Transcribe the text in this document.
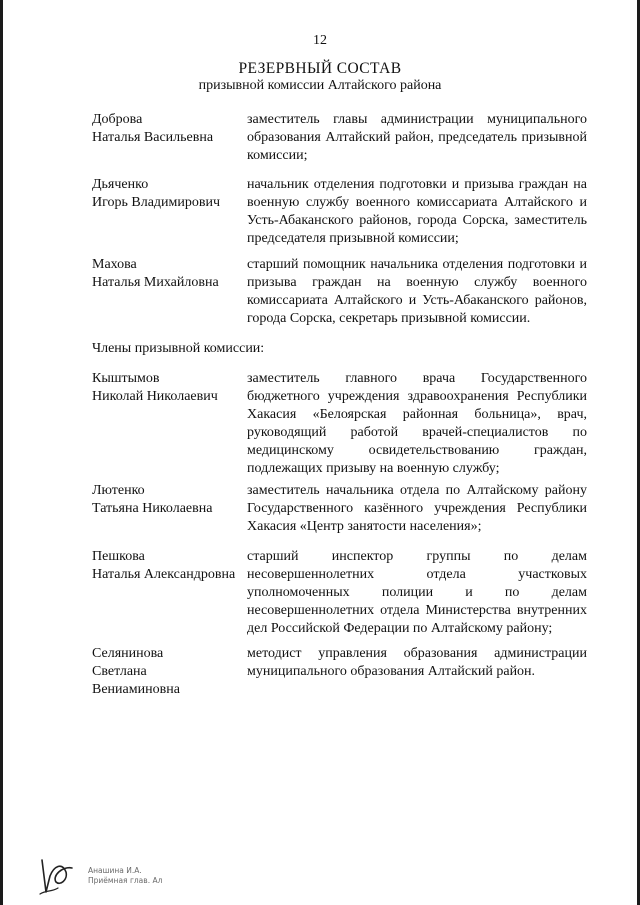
12
РЕЗЕРВНЫЙ СОСТАВ
призывной комиссии Алтайского района
Доброва
Наталья Васильевна
заместитель главы администрации муниципального образования Алтайский район, председатель призывной комиссии;
Дьяченко
Игорь Владимирович
начальник отделения подготовки и призыва граждан на военную службу военного комиссариата Алтайского и Усть-Абаканского районов, города Сорска, заместитель председателя призывной комиссии;
Махова
Наталья Михайловна
старший помощник начальника отделения подготовки и призыва граждан на военную службу военного комиссариата Алтайского и Усть-Абаканского районов, города Сорска, секретарь призывной комиссии.
Члены призывной комиссии:
Кыштымов
Николай Николаевич
заместитель главного врача Государственного бюджетного учреждения здравоохранения Республики Хакасия «Белоярская районная больница», врач, руководящий работой врачей-специалистов по медицинскому освидетельствованию граждан, подлежащих призыву на военную службу;
Лютенко
Татьяна Николаевна
заместитель начальника отдела по Алтайскому району Государственного казённого учреждения Республики Хакасия «Центр занятости населения»;
Пешкова
Наталья Александровна
старший инспектор группы по делам несовершеннолетних отдела участковых уполномоченных полиции и по делам несовершеннолетних отдела Министерства внутренних дел Российской Федерации по Алтайскому району;
Селянинова
Светлана
Вениаминовна
методист управления образования администрации муниципального образования Алтайский район.
Анашина И.А.
Приёмная глав. Ал
